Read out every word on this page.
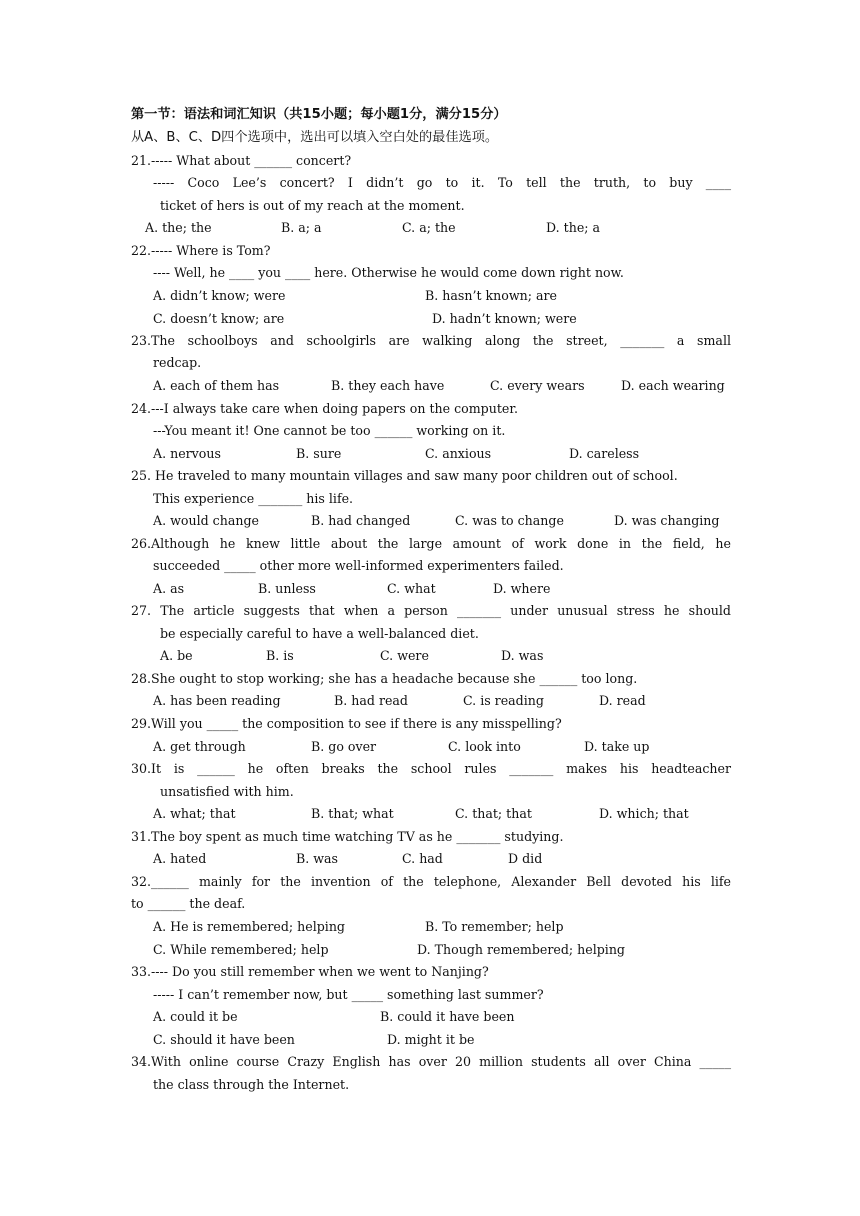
第一节：语法和词汇知识（共15小题；每小题1分，满分15分）
从A、B、C、D四个选项中，选出可以填入空白处的最佳选项。
21.----- What about ______ concert?
----- Coco Lee’s concert? I didn’t go to it. To tell the truth, to buy ____
ticket of hers is out of my reach at the moment.
A. the; the	B. a; a	C. a; the	D. the; a
22.----- Where is Tom?
---- Well, he ____ you ____ here. Otherwise he would come down right now.
A. didn’t know; were	B. hasn’t known; are
C. doesn’t know; are	D. hadn’t known; were
23.The schoolboys and schoolgirls are walking along the street, _______ a small
redcap.
A. each of them has	B. they each have	C. every wears	D. each wearing
24.---I always take care when doing papers on the computer.
---You meant it! One cannot be too ______ working on it.
A. nervous	B. sure	C. anxious	D. careless
25. He traveled to many mountain villages and saw many poor children out of school.
This experience _______ his life.
A. would change	B. had changed	C. was to change	D. was changing
26.Although he knew little about the large amount of work done in the field, he
succeeded _____ other more well-informed experimenters failed.
A. as	B. unless	C. what	D. where
27. The article suggests that when a person _______ under unusual stress he should
be especially careful to have a well-balanced diet.
A. be	B. is	C. were	D. was
28.She ought to stop working; she has a headache because she ______ too long.
A. has been reading	B. had read	C. is reading	D. read
29.Will you _____ the composition to see if there is any misspelling?
A. get through	B. go over	C. look into	D. take up
30.It is ______ he often breaks the school rules _______ makes his headteacher
unsatisfied with him.
A. what; that	B. that; what	C. that; that	D. which; that
31.The boy spent as much time watching TV as he _______ studying.
A. hated	B. was	C. had	D did
32.______ mainly for the invention of the telephone, Alexander Bell devoted his life
to ______ the deaf.
A. He is remembered; helping	B. To remember; help
C. While remembered; help	D. Though remembered; helping
33.---- Do you still remember when we went to Nanjing?
----- I can’t remember now, but _____ something last summer?
A. could it be	B. could it have been
C. should it have been	D. might it be
34.With online course Crazy English has over 20 million students all over China _____
the class through the Internet.
